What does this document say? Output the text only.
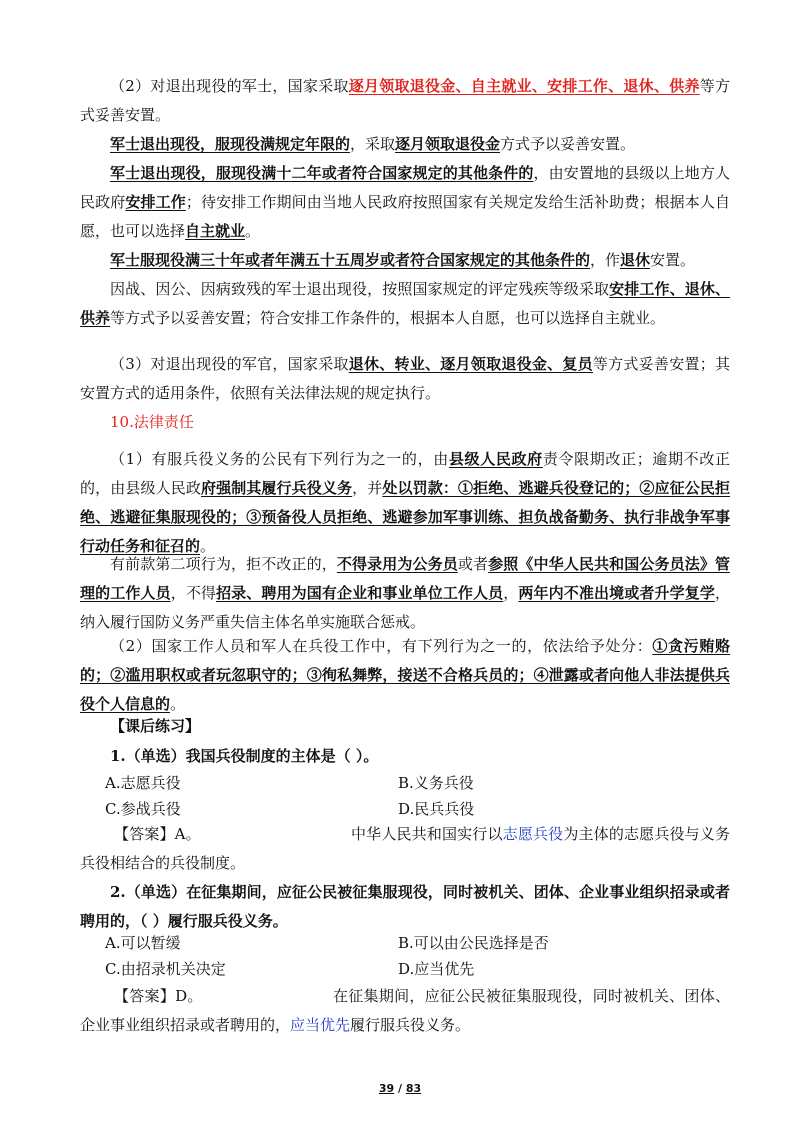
（2）对退出现役的军士，国家采取逐月领取退役金、自主就业、安排工作、退休、供养等方式妥善安置。

军士退出现役，服现役满规定年限的，采取逐月领取退役金方式予以妥善安置。

军士退出现役，服现役满十二年或者符合国家规定的其他条件的，由安置地的县级以上地方人民政府安排工作；待安排工作期间由当地人民政府按照国家有关规定发给生活补助费；根据本人自愿，也可以选择自主就业。

军士服现役满三十年或者年满五十五周岁或者符合国家规定的其他条件的，作退休安置。

因战、因公、因病致残的军士退出现役，按照国家规定的评定残疾等级采取安排工作、退休、供养等方式予以妥善安置；符合安排工作条件的，根据本人自愿，也可以选择自主就业。

（3）对退出现役的军官，国家采取退休、转业、逐月领取退役金、复员等方式妥善安置；其安置方式的适用条件，依照有关法律法规的规定执行。

10.法律责任

（1）有服兵役义务的公民有下列行为之一的，由县级人民政府责令限期改正；逾期不改正的，由县级人民政府强制其履行兵役义务，并处以罚款：①拒绝、逃避兵役登记的；②应征公民拒绝、逃避征集服现役的；③预备役人员拒绝、逃避参加军事训练、担负战备勤务、执行非战争军事行动任务和征召的。

有前款第二项行为，拒不改正的，不得录用为公务员或者参照《中华人民共和国公务员法》管理的工作人员，不得招录、聘用为国有企业和事业单位工作人员，两年内不准出境或者升学复学，纳入履行国防义务严重失信主体名单实施联合惩戒。

（2）国家工作人员和军人在兵役工作中，有下列行为之一的，依法给予处分：①贪污贿赂的；②滥用职权或者玩忽职守的；③徇私舞弊，接送不合格兵员的；④泄露或者向他人非法提供兵役个人信息的。

【课后练习】

1.（单选）我国兵役制度的主体是（ ）。

A.志愿兵役	B.义务兵役
C.参战兵役	D.民兵兵役

【答案】A。	中华人民共和国实行以志愿兵役为主体的志愿兵役与义务兵役相结合的兵役制度。

2.（单选）在征集期间，应征公民被征集服现役，同时被机关、团体、企业事业组织招录或者聘用的，（ ）履行服兵役义务。

A.可以暂缓	B.可以由公民选择是否
C.由招录机关决定	D.应当优先

【答案】D。	在征集期间，应征公民被征集服现役，同时被机关、团体、企业事业组织招录或者聘用的，应当优先履行服兵役义务。

39 / 83
